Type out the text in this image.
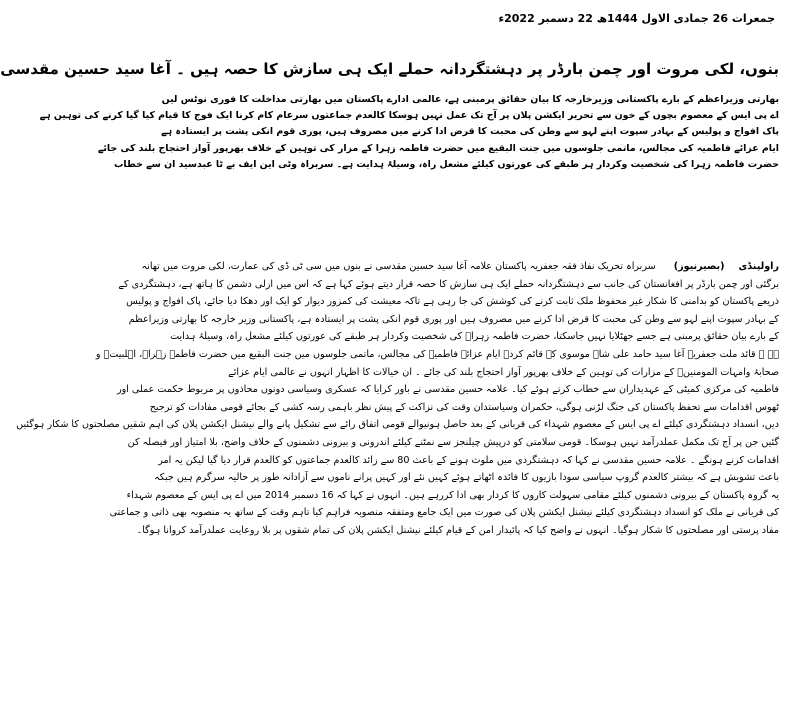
جمعرات 26 جمادی الاول 1444ھ 22 دسمبر 2022ء
بنوں، لکی مروت اور چمن بارڈر پر دہشتگردانہ حملے ایک ہی سازش کا حصہ ہیں ۔ آغا سید حسین مقدسی
بھارتی وزیراعظم کے بارے پاکستانی وزیرخارجہ کا بیان حقائق پرمبنی ہے، عالمی ادارے پاکستان میں بھارتی مداخلت کا فوری نوٹس لیں
اے پی ایس کے معصوم بچوں کے خون سے تحریر ایکشن پلان پر آج تک عمل نہیں ہوسکا کالعدم جماعتوں سرعام کام کرنا ایک فوج کا قیام کیا گیا کرنے کی توہین ہے
پاک افواج و پولیس کے بہادر سپوت اپنے لہو سے وطن کی محبت کا قرض ادا کرنے میں مصروف ہیں، پوری قوم انکی پشت پر ایستادہ ہے
ایام عزائے فاطمیہ کی مجالس، ماتمی جلوسوں میں جنت البقیع میں حضرت فاطمہ زہرا کے مزار کی توہین کے خلاف بھرپور آواز احتجاج بلند کی جائے
حضرت فاطمہ زہرا کی شخصیت وکردار ہر طبقے کی عورتوں کیلئے مشعل راہ، وسیلۂ ہدایت ہے۔ سربراہ وٹی این ایف بے ٹا عبدسید ان سے خطاب
راولپنڈی
(بصیرنیوز)
سربراہ تحریک نفاذ فقہ جعفریہ پاکستان علامہ آغا سید حسین مقدسی نے بنوں میں سی ٹی ڈی کی عمارت، لکی مروت میں تھانہ
برگئی اور چمن بارڈر پر افغانستان کی جانب سے دہشتگردانہ حملے ایک ہی سازش کا حصہ قرار دیتے ہوئے کہا ہے کہ اس میں ازلی دشمن کا ہاتھ ہے، دہشتگردی کے
ذریعے پاکستان کو بدامنی کا شکار غیر محفوظ ملک ثابت کرنے کی کوشش کی جا رہی ہے تاکہ معیشت کی کمزور دیوار کو ایک اور دھکا دیا جائے، پاک افواج و پولیس
کے بہادر سپوت اپنے لہو سے وطن کی محبت کا قرض ادا کرنے میں مصروف ہیں اور پوری قوم انکی پشت پر ایستادہ ہے، پاکستانی وزیر خارجہ کا بھارتی وزیراعظم
کے بارے بیان حقائق پرمبنی ہے جسے جھٹلایا نہیں جاسکتا، حضرت فاطمہ زہراؑ کی شخصیت وکردار ہر طبقے کی عورتوں کیلئے مشعل راہ، وسیلۂ ہدایت
ہے ۔ قائد ملت جعفریہ آغا سید حامد علی شاہ موسوی کے قائم کردہ ایام عزائے فاطمیہ کی مجالس، ماتمی جلوسوں میں جنت البقیع میں حضرت فاطمہ زہراؑ، اہلبیتؑ و
صحابۂ وامہات المومنینؓ کے مزارات کی توہین کے خلاف بھرپور آواز احتجاج بلند کی جائے ۔ ان خیالات کا اظہار انہوں نے عالمی ایام عزائے
فاطمیہ کی مرکزی کمیٹی کے عہدیداران سے خطاب کرتے ہوئے کیا۔ علامہ حسین مقدسی نے باور کرایا کہ عسکری وسیاسی دونوں محاذوں پر مربوط حکمت عملی اور
ٹھوس اقدامات سے تحفظ پاکستان کی جنگ لڑنی ہوگی، حکمران وسیاستدان وقت کی نزاکت کے پیش نظر باہمی رسہ کشی کے بجائے قومی مفادات کو ترجیح
دیں، انسداد دہشتگردی کیلئے اے پی ایس کے معصوم شہداء کی قربانی کے بعد حاصل ہونیوالے قومی اتفاق رائے سے تشکیل پانے والے نیشنل ایکشن پلان کی اہم شقیں مصلحتوں کا شکار ہوگئیں
گئیں جن پر آج تک مکمل عملدرآمد نہیں ہوسکا۔ قومی سلامتی کو درپیش چیلنجز سے نمٹنے کیلئے اندرونی و بیرونی دشمنوں کے خلاف واضح، بلا امتیاز اور فیصلہ کن
اقدامات کرنے ہونگے ۔ علامہ حسین مقدسی نے کہا کہ دہشتگردی میں ملوث ہونے کے باعث 80 سے زائد کالعدم جماعتوں کو کالعدم قرار دیا گیا لیکن یہ امر
باعث تشویش ہے کہ بیشتر کالعدم گروپ سیاسی سودا بازیوں کا فائدہ اٹھاتے ہوئے کہیں نئے اور کہیں پرانے ناموں سے آزادانہ طور پر حالیہ سرگرم ہیں جبکہ
یہ گروہ پاکستان کے بیرونی دشمنوں کیلئے مقامی سہولت کاروں کا کردار بھی ادا کررہے ہیں۔ انہوں نے کہا کہ 16 دسمبر 2014 میں اے پی ایس کے معصوم شہداء
کی قربانی نے ملک کو انسداد دہشتگردی کیلئے نیشنل ایکشن پلان کی صورت میں ایک جامع ومتفقہ منصوبہ فراہم کیا تاہم وقت کے ساتھ یہ منصوبہ بھی ذاتی و جماعتی
مفاد پرستی اور مصلحتوں کا شکار ہوگیا۔ انہوں نے واضح کیا کہ پائیدار امن کے قیام کیلئے نیشنل ایکشن پلان کی تمام شقوں پر بلا روعایت عملدرآمد کروانا ہوگا۔
